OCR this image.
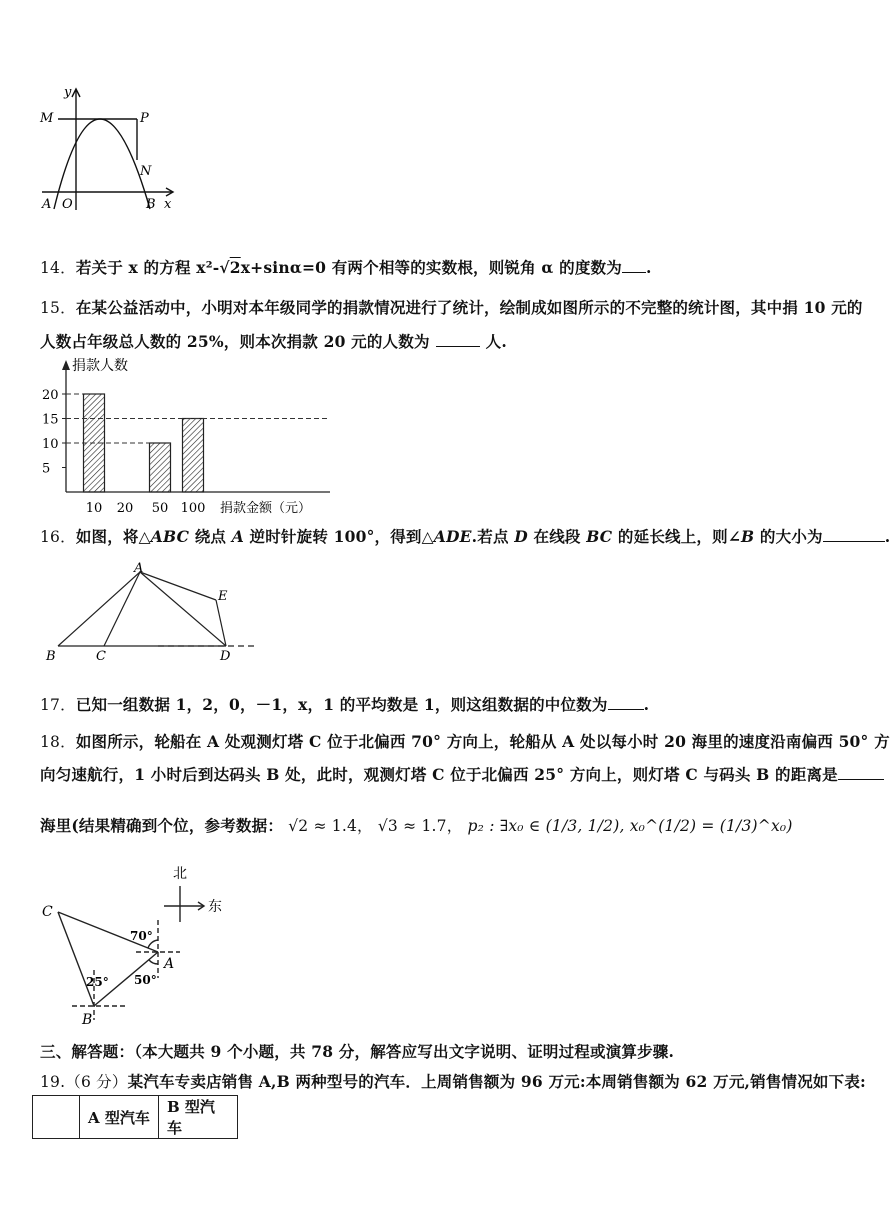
y
M	P
N
A O	B x
14．若关于 x 的方程 x²-√2x+sinα=0 有两个相等的实数根，则锐角 α 的度数为 .
15．在某公益活动中，小明对本年级同学的捐款情况进行了统计，绘制成如图所示的不完整的统计图，其中捐 10 元的
人数占年级总人数的 25%，则本次捐款 20 元的人数为	人.
5
10
15
20
10 20 50 100 捐款金额（元）
捐款人数
16．如图，将△ABC 绕点 A 逆时针旋转 100°，得到△ADE.若点 D 在线段 BC 的延长线上，则∠B 的大小为	.
A
B	C	D
E
17．已知一组数据 1，2，0，－1，x，1 的平均数是 1，则这组数据的中位数为 .
18．如图所示，轮船在 A 处观测灯塔 C 位于北偏西 70° 方向上，轮船从 A 处以每小时 20 海里的速度沿南偏西 50° 方
向匀速航行，1 小时后到达码头 B 处，此时，观测灯塔 C 位于北偏西 25° 方向上，则灯塔 C 与码头 B 的距离是
海里(结果精确到个位，参考数据： √2 ≈ 1.4， √3 ≈ 1.7， p₂ : ∃x₀ ∈ (1/3, 1/2), x₀^(1/2) = (1/3)^x₀)
北
东
C
A
B
70°
50°
25°
三、解答题：（本大题共 9 个小题，共 78 分，解答应写出文字说明、证明过程或演算步骤.
19.（6 分）某汽车专卖店销售 A,B 两种型号的汽车．上周销售额为 96 万元:本周销售额为 62 万元,销售情况如下表:
	A 型汽车	B 型汽车
